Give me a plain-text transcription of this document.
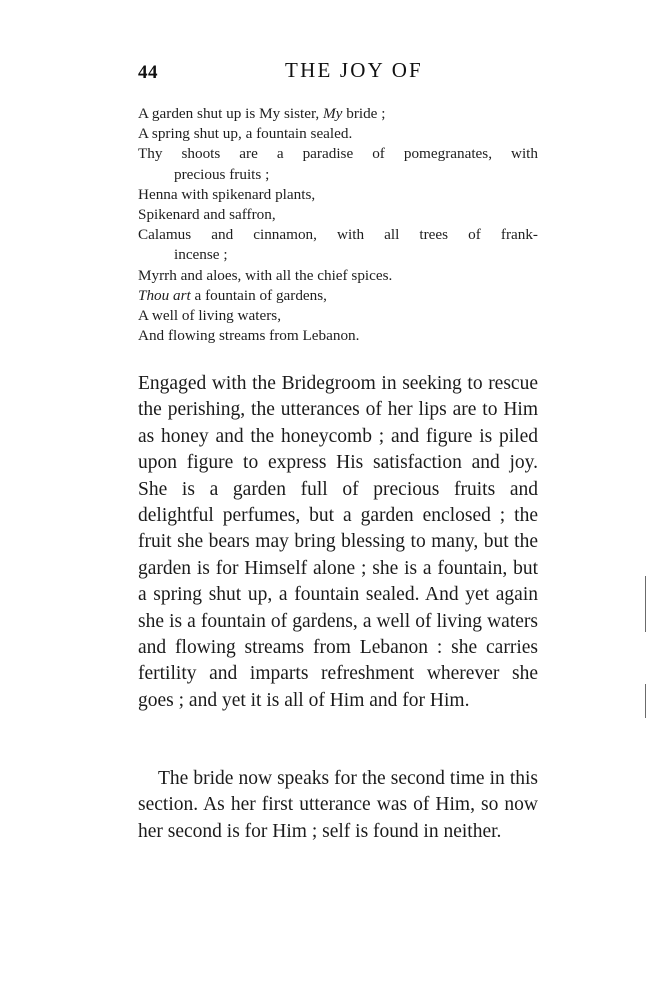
44	THE JOY OF
A garden shut up is My sister, My bride ;
A spring shut up, a fountain sealed.
Thy shoots are a paradise of pomegranates, with
precious fruits ;
Henna with spikenard plants,
Spikenard and saffron,
Calamus and cinnamon, with all trees of frank-
incense ;
Myrrh and aloes, with all the chief spices.
Thou art a fountain of gardens,
A well of living waters,
And flowing streams from Lebanon.

Engaged with the Bridegroom in seeking to rescue the perishing, the utterances of her lips are to Him as honey and the honeycomb ; and figure is piled upon figure to express His satisfaction and joy. She is a garden full of precious fruits and delightful perfumes, but a garden enclosed ; the fruit she bears may bring blessing to many, but the garden is for Himself alone ; she is a fountain, but a spring shut up, a fountain sealed. And yet again she is a fountain of gardens, a well of living waters and flowing streams from Lebanon : she carries fertility and imparts refreshment wherever she goes ; and yet it is all of Him and for Him.

The bride now speaks for the second time in this section. As her first utterance was of Him, so now her second is for Him ; self is found in neither.
